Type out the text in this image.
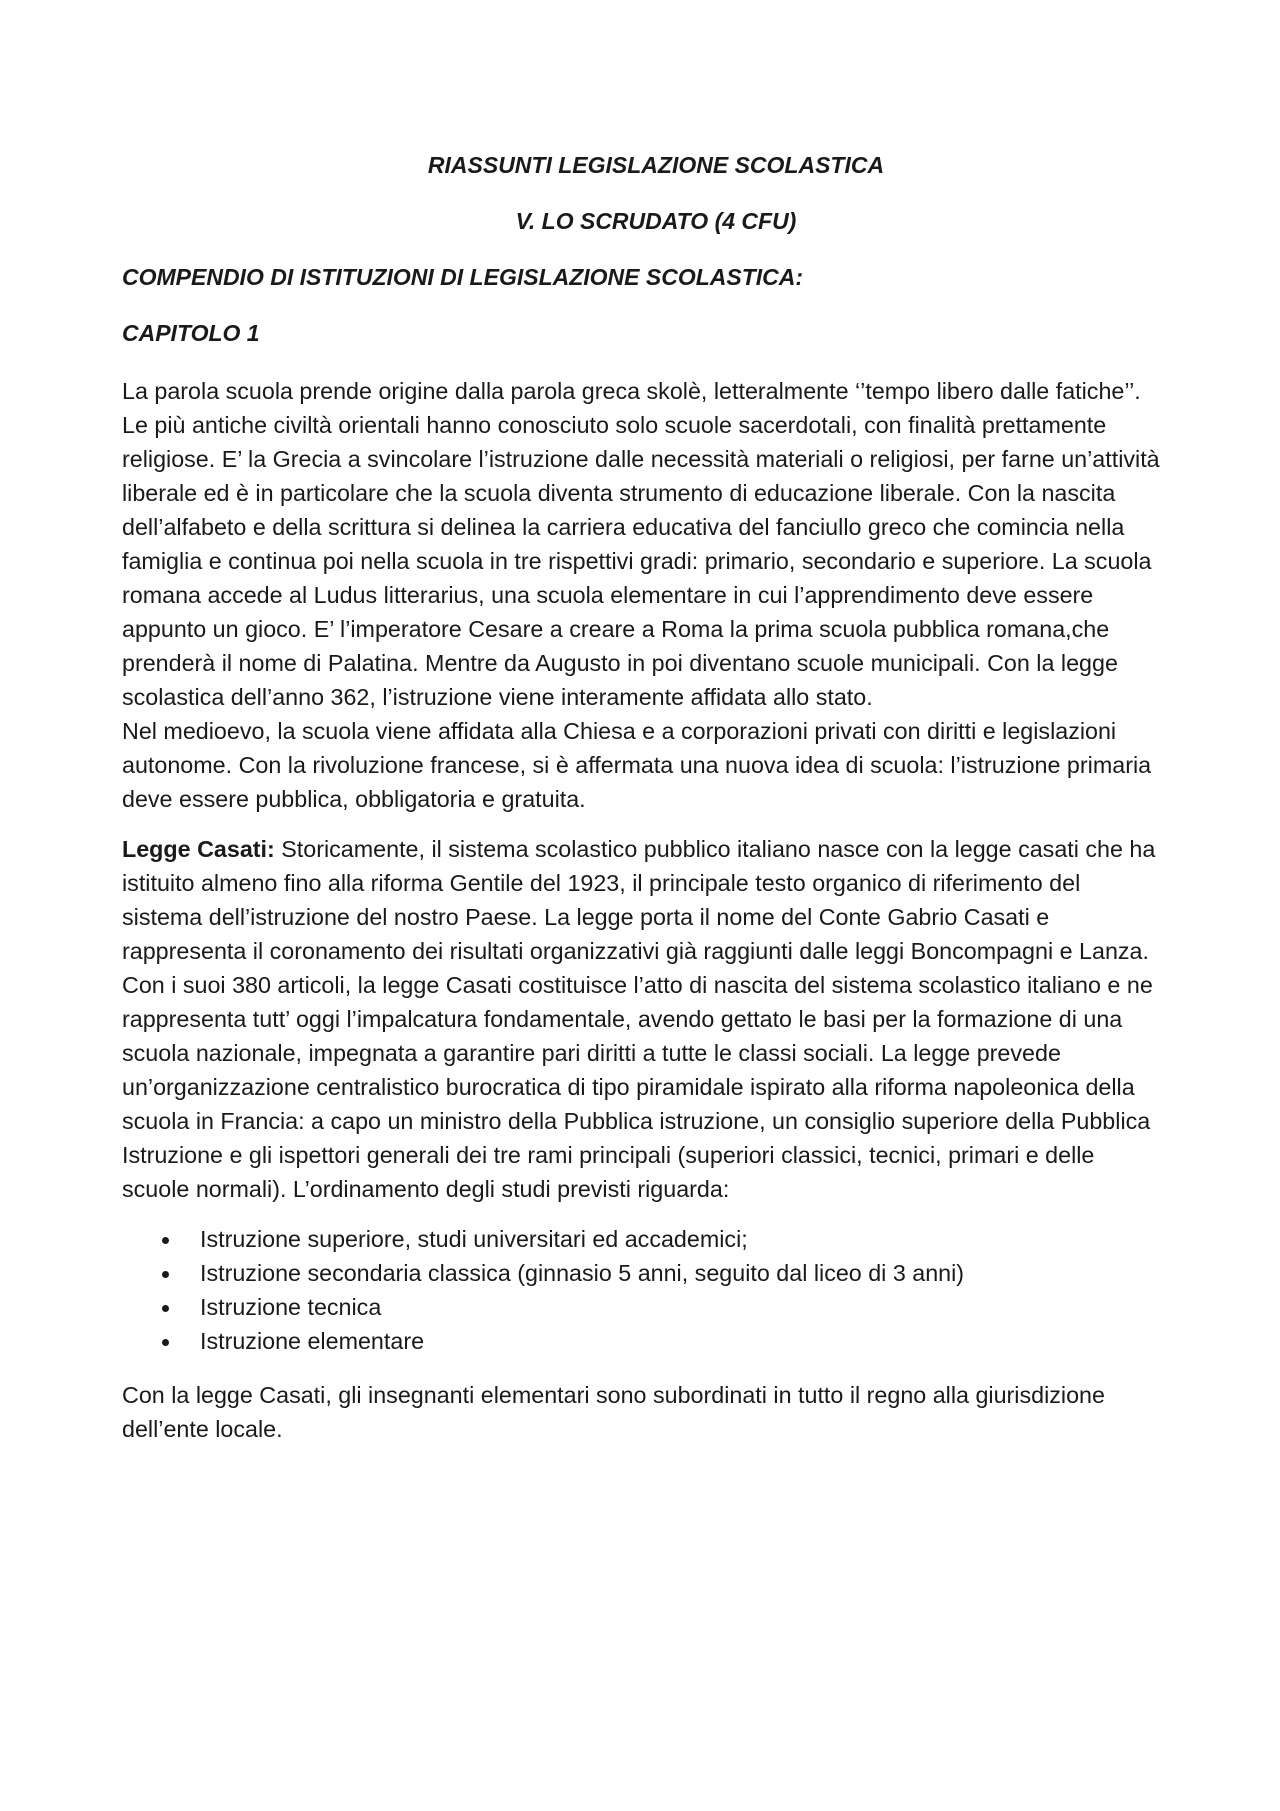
RIASSUNTI LEGISLAZIONE SCOLASTICA
V. LO SCRUDATO (4 CFU)
COMPENDIO DI ISTITUZIONI DI LEGISLAZIONE SCOLASTICA:
CAPITOLO 1

La parola scuola prende origine dalla parola greca skolè, letteralmente ‘’tempo libero dalle fatiche’’. Le più antiche civiltà orientali hanno conosciuto solo scuole sacerdotali, con finalità prettamente religiose. E’ la Grecia a svincolare l’istruzione dalle necessità materiali o religiosi, per farne un’attività liberale ed è in particolare che la scuola diventa strumento di educazione liberale. Con la nascita dell’alfabeto e della scrittura si delinea la carriera educativa del fanciullo greco che comincia nella famiglia e continua poi nella scuola in tre rispettivi gradi: primario, secondario e superiore. La scuola romana accede al Ludus litterarius, una scuola elementare in cui l’apprendimento deve essere appunto un gioco. E’ l’imperatore Cesare a creare a Roma la prima scuola pubblica romana,che prenderà il nome di Palatina. Mentre da Augusto in poi diventano scuole municipali. Con la legge scolastica dell’anno 362, l’istruzione viene interamente affidata allo stato.

Nel medioevo, la scuola viene affidata alla Chiesa e a corporazioni privati con diritti e legislazioni autonome. Con la rivoluzione francese, si è affermata una nuova idea di scuola: l’istruzione primaria deve essere pubblica, obbligatoria e gratuita.

Legge Casati: Storicamente, il sistema scolastico pubblico italiano nasce con la legge casati che ha istituito almeno fino alla riforma Gentile del 1923, il principale testo organico di riferimento del sistema dell’istruzione del nostro Paese. La legge porta il nome del Conte Gabrio Casati e rappresenta il coronamento dei risultati organizzativi già raggiunti dalle leggi Boncompagni e Lanza. Con i suoi 380 articoli, la legge Casati costituisce l’atto di nascita del sistema scolastico italiano e ne rappresenta tutt’ oggi l’impalcatura fondamentale, avendo gettato le basi per la formazione di una scuola nazionale, impegnata a garantire pari diritti a tutte le classi sociali. La legge prevede un’organizzazione centralistico burocratica di tipo piramidale ispirato alla riforma napoleonica della scuola in Francia: a capo un ministro della Pubblica istruzione, un consiglio superiore della Pubblica Istruzione e gli ispettori generali dei tre rami principali (superiori classici, tecnici, primari e delle scuole normali). L’ordinamento degli studi previsti riguarda:

Istruzione superiore, studi universitari ed accademici;
Istruzione secondaria classica (ginnasio 5 anni, seguito dal liceo di 3 anni)
Istruzione tecnica
Istruzione elementare

Con la legge Casati, gli insegnanti elementari sono subordinati in tutto il regno alla giurisdizione dell’ente locale.
